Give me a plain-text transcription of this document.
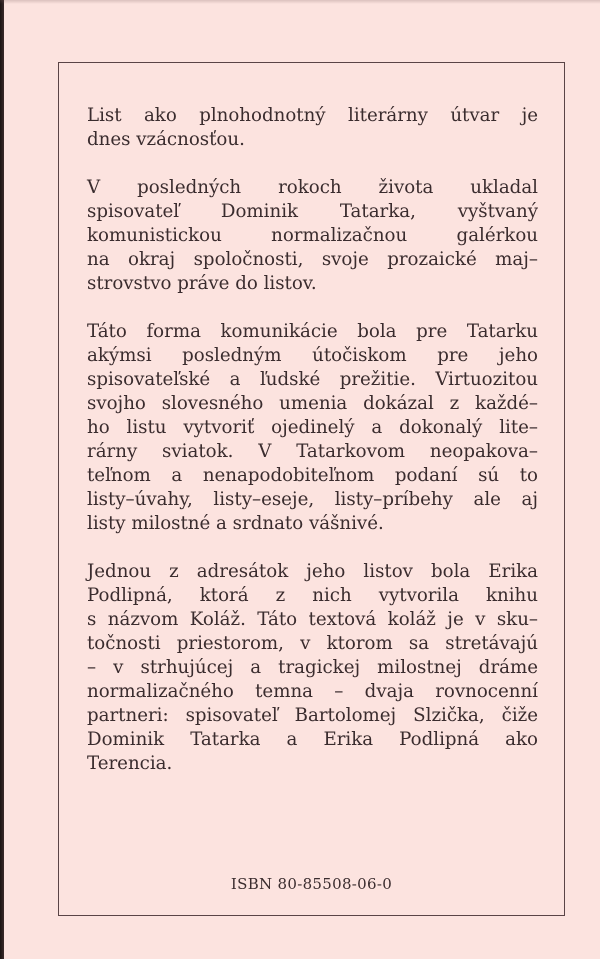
List ako plnohodnotný literárny útvar je
dnes vzácnosťou.
V posledných rokoch života ukladal
spisovateľ Dominik Tatarka, vyštvaný
komunistickou normalizačnou galérkou
na okraj spoločnosti, svoje prozaické maj–
strovstvo práve do listov.
Táto forma komunikácie bola pre Tatarku
akýmsi posledným útočiskom pre jeho
spisovateľské a ľudské prežitie. Virtuozitou
svojho slovesného umenia dokázal z každé–
ho listu vytvoriť ojedinelý a dokonalý lite–
rárny sviatok. V Tatarkovom neopakova–
teľnom a nenapodobiteľnom podaní sú to
listy–úvahy, listy–eseje, listy–príbehy ale aj
listy milostné a srdnato vášnivé.
Jednou z adresátok jeho listov bola Erika
Podlipná, ktorá z nich vytvorila knihu
s názvom Koláž. Táto textová koláž je v sku–
točnosti priestorom, v ktorom sa stretávajú
– v strhujúcej a tragickej milostnej dráme
normalizačného temna – dvaja rovnocenní
partneri: spisovateľ Bartolomej Slzička, čiže
Dominik Tatarka a Erika Podlipná ako
Terencia.
ISBN 80-85508-06-0
